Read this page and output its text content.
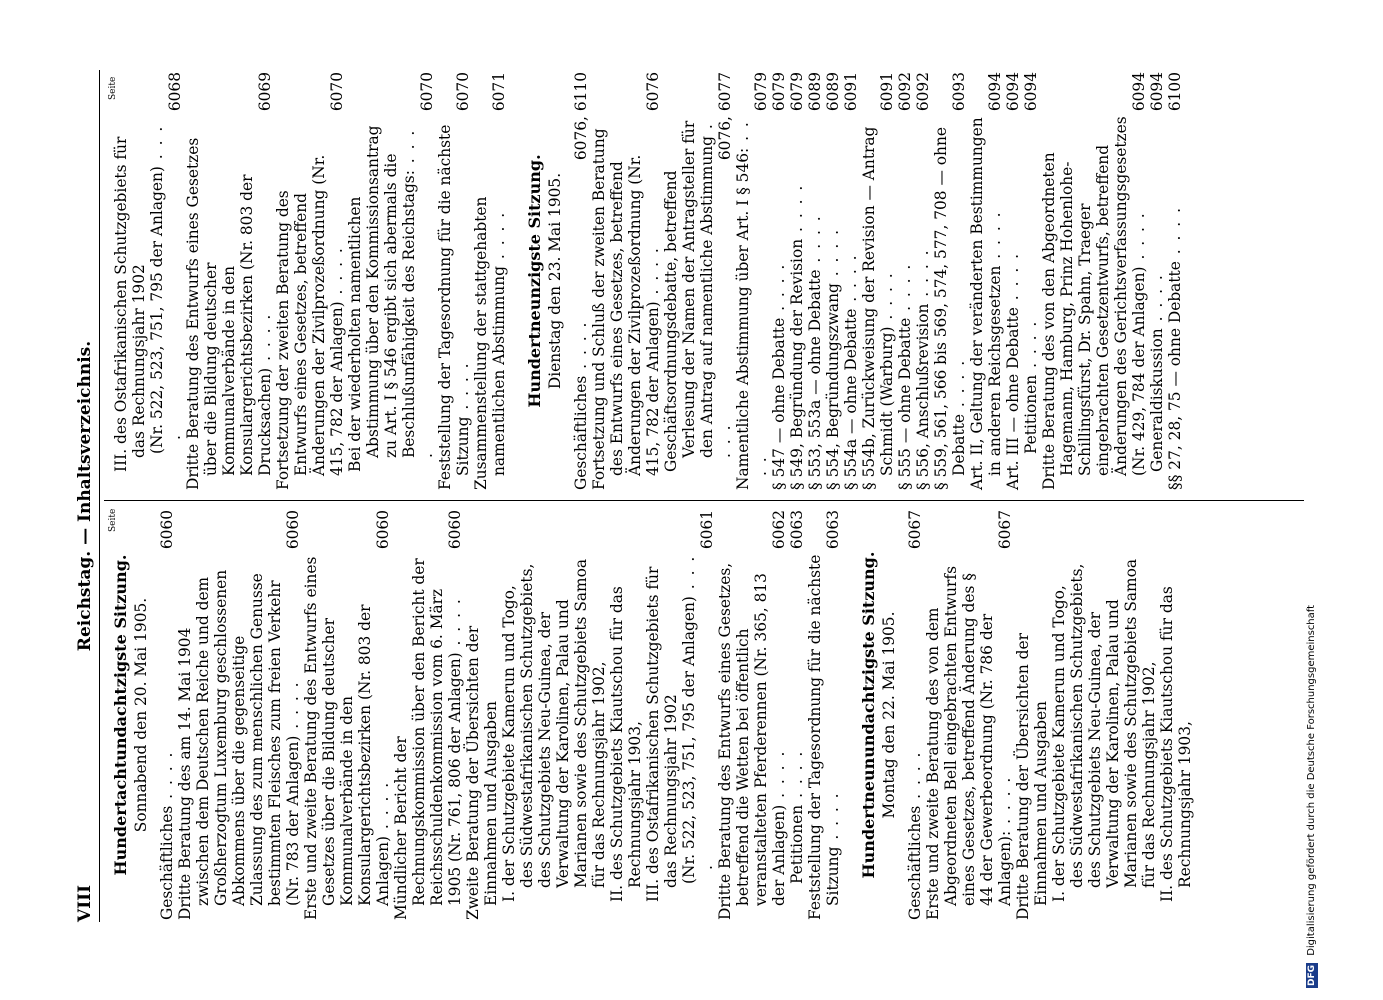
VIII
Reichstag. — Inhaltsverzeichnis.	Seite
Seite

Hundertachtundachtzigste Sitzung. Sonnabend den 20. Mai 1905.

Geschäftliches . . . .
6060

Dritte Beratung des am 14. Mai 1904 zwischen dem Deutschen Reiche und dem Großherzogtum Luxemburg geschlossenen Abkommens über die gegenseitige Zulassung des zum menschlichen Genusse bestimmten Fleisches zum freien Verkehr (Nr. 783 der Anlagen) . . . .
6060

Erste und zweite Beratung des Entwurfs eines Gesetzes über die Bildung deutscher Kommunalverbände in den Konsulargerichtsbezirken (Nr. 803 der Anlagen) . . . .
6060

Mündlicher Bericht der Rechnungskommission über den Bericht der Reichsschuldenkommission vom 6. März 1905 (Nr. 761, 806 der Anlagen) . . . .
6060

Zweite Beratung der Übersichten der Einnahmen und Ausgaben I. der Schutzgebiete Kamerun und Togo, des Südwestafrikanischen Schutzgebiets, des Schutzgebiets Neu-Guinea, der Verwaltung der Karolinen, Palau und Marianen sowie des Schutzgebiets Samoa für das Rechnungsjahr 1902, II. des Schutzgebiets Kiautschou für das Rechnungsjahr 1903, III. des Ostafrikanischen Schutzgebiets für das Rechnungsjahr 1902 (Nr. 522, 523, 751, 795 der Anlagen) . . . .
6061

Dritte Beratung des Entwurfs eines Gesetzes, betreffend die Wetten bei öffentlich veranstalteten Pferderennen (Nr. 365, 813 der Anlagen) . . . .
6062

Petitionen . . . .
6063

Feststellung der Tagesordnung für die nächste Sitzung . . . .
6063

Hundertneunundachtzigste Sitzung. Montag den 22. Mai 1905.

Geschäftliches . . . .
6067

Erste und zweite Beratung des von dem Abgeordneten Bell eingebrachten Entwurfs eines Gesetzes, betreffend Änderung des § 44 der Gewerbeordnung (Nr. 786 der Anlagen): . . . .
6067

Dritte Beratung der Übersichten der Einnahmen und Ausgaben I. der Schutzgebiete Kamerun und Togo, des Südwestafrikanischen Schutzgebiets, des Schutzgebiets Neu-Guinea, der Verwaltung der Karolinen, Palau und Marianen sowie des Schutzgebiets Samoa für das Rechnungsjahr 1902, II. des Schutzgebiets Kiautschou für das Rechnungsjahr 1903,

III. des Ostafrikanischen Schutzgebiets für das Rechnungsjahr 1902 (Nr. 522, 523, 751, 795 der Anlagen) . . . .
6068

Dritte Beratung des Entwurfs eines Gesetzes über die Bildung deutscher Kommunalverbände in den Konsulargerichtsbezirken (Nr. 803 der Drucksachen) . . . .
6069

Fortsetzung der zweiten Beratung des Entwurfs eines Gesetzes, betreffend Änderungen der Zivilprozeßordnung (Nr. 415, 782 der Anlagen) . . . .
6070

Bei der wiederholten namentlichen Abstimmung über den Kommissionsantrag zu Art. I § 546 ergibt sich abermals die Beschlußunfähigkeit des Reichstags: . . . .
6070

Feststellung der Tagesordnung für die nächste Sitzung . . . .
6070

Zusammenstellung der stattgehabten namentlichen Abstimmung . . . .
6071

Hundertneunzigste Sitzung. Dienstag den 23. Mai 1905.

Geschäftliches . . . .
6076, 6110

Fortsetzung und Schluß der zweiten Beratung des Entwurfs eines Gesetzes, betreffend Änderungen der Zivilprozeßordnung (Nr. 415, 782 der Anlagen) . . . .
6076

Geschäftsordnungsdebatte, betreffend Verlesung der Namen der Antragsteller für den Antrag auf namentliche Abstimmung . . . .
6076, 6077

Namentliche Abstimmung über Art. I § 546: . . . .
6079

§ 547 — ohne Debatte . . . .
6079

§ 549, Begründung der Revision . . . .
6079

§ 553, 553a — ohne Debatte . . . .
6089

§ 554, Begründungszwang . . . .
6089

§ 554a — ohne Debatte . . . .
6091

§ 554b, Zurückweisung der Revision — Antrag Schmidt (Warburg) . . . .
6091

§ 555 — ohne Debatte . . . .
6092

§ 556, Anschlußrevision . . . .
6092

§ 559, 561, 566 bis 569, 574, 577, 708 — ohne Debatte . . . .
6093

Art. II, Geltung der veränderten Bestimmungen in anderen Reichsgesetzen . . . .
6094

Art. III — ohne Debatte . . . .
6094

Petitionen . . . .
6094

Dritte Beratung des von den Abgeordneten Hagemann, Hamburg, Prinz Hohenlohe-Schillingsfürst, Dr. Spahn, Traeger eingebrachten Gesetzentwurfs, betreffend Änderungen des Gerichtsverfassungsgesetzes (Nr. 429, 784 der Anlagen) . . . .
6094

Generaldiskussion . . . .
6094

§§ 27, 28, 75 — ohne Debatte . . . .
6100

DFG Digitalisierung gefördert durch die Deutsche Forschungsgemeinschaft
